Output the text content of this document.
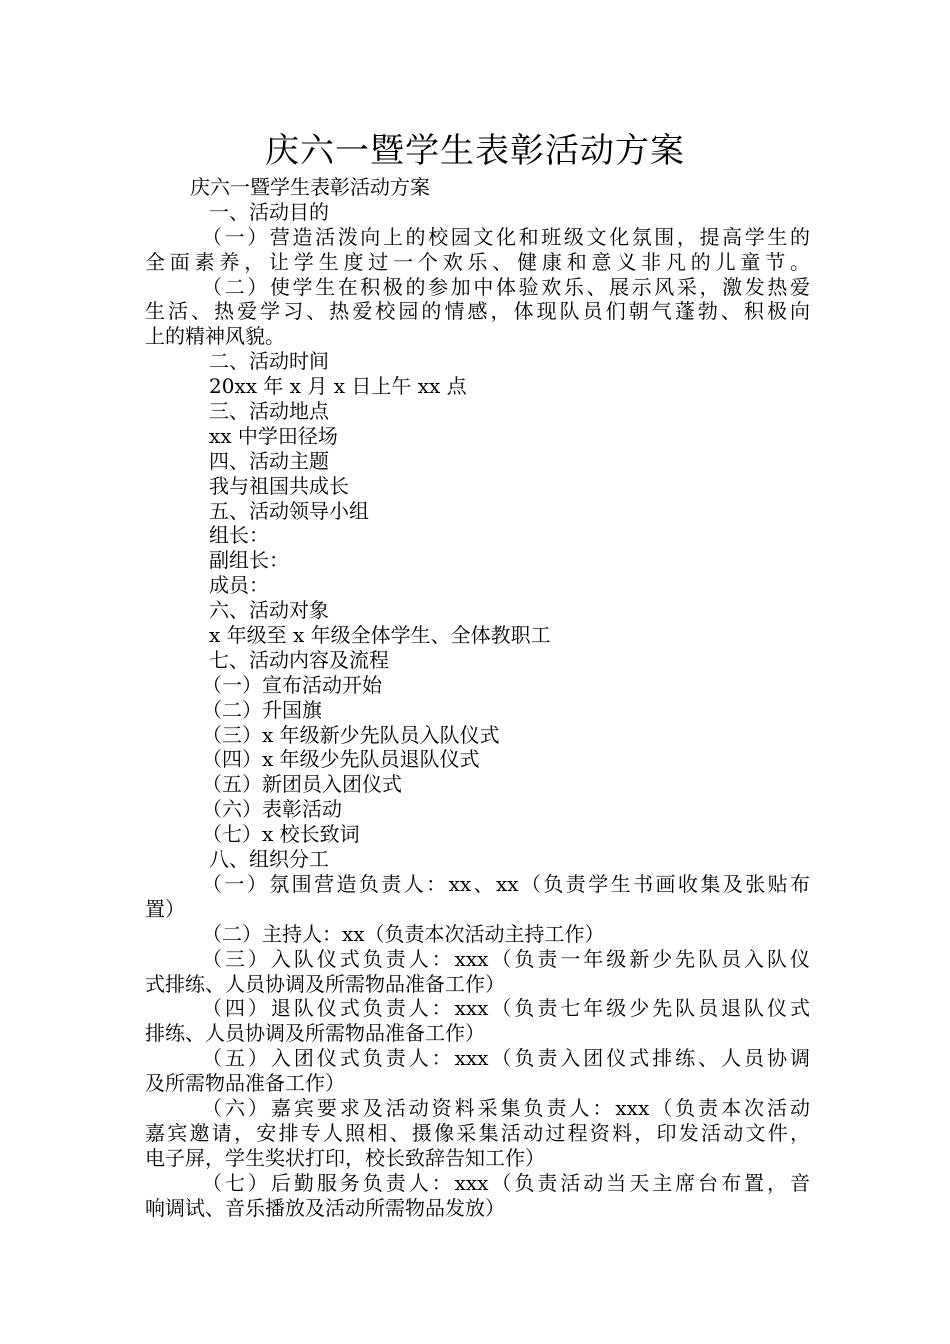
庆六一暨学生表彰活动方案
庆六一暨学生表彰活动方案
一、活动目的
（一）营造活泼向上的校园文化和班级文化氛围，提高学生的
全面素养，让学生度过一个欢乐、健康和意义非凡的儿童节。
（二）使学生在积极的参加中体验欢乐、展示风采，激发热爱
生活、热爱学习、热爱校园的情感，体现队员们朝气蓬勃、积极向
上的精神风貌。
二、活动时间
20xx 年 x 月 x 日上午 xx 点
三、活动地点
xx 中学田径场
四、活动主题
我与祖国共成长
五、活动领导小组
组长：
副组长：
成员：
六、活动对象
x 年级至 x 年级全体学生、全体教职工
七、活动内容及流程
（一）宣布活动开始
（二）升国旗
（三）x 年级新少先队员入队仪式
（四）x 年级少先队员退队仪式
（五）新团员入团仪式
（六）表彰活动
（七）x 校长致词
八、组织分工
（一）氛围营造负责人：xx、xx（负责学生书画收集及张贴布
置）
（二）主持人：xx（负责本次活动主持工作）
（三）入队仪式负责人：xxx（负责一年级新少先队员入队仪
式排练、人员协调及所需物品准备工作）
（四）退队仪式负责人：xxx（负责七年级少先队员退队仪式
排练、人员协调及所需物品准备工作）
（五）入团仪式负责人：xxx（负责入团仪式排练、人员协调
及所需物品准备工作）
（六）嘉宾要求及活动资料采集负责人：xxx（负责本次活动
嘉宾邀请，安排专人照相、摄像采集活动过程资料，印发活动文件，
电子屏，学生奖状打印，校长致辞告知工作）
（七）后勤服务负责人：xxx（负责活动当天主席台布置，音
响调试、音乐播放及活动所需物品发放）
